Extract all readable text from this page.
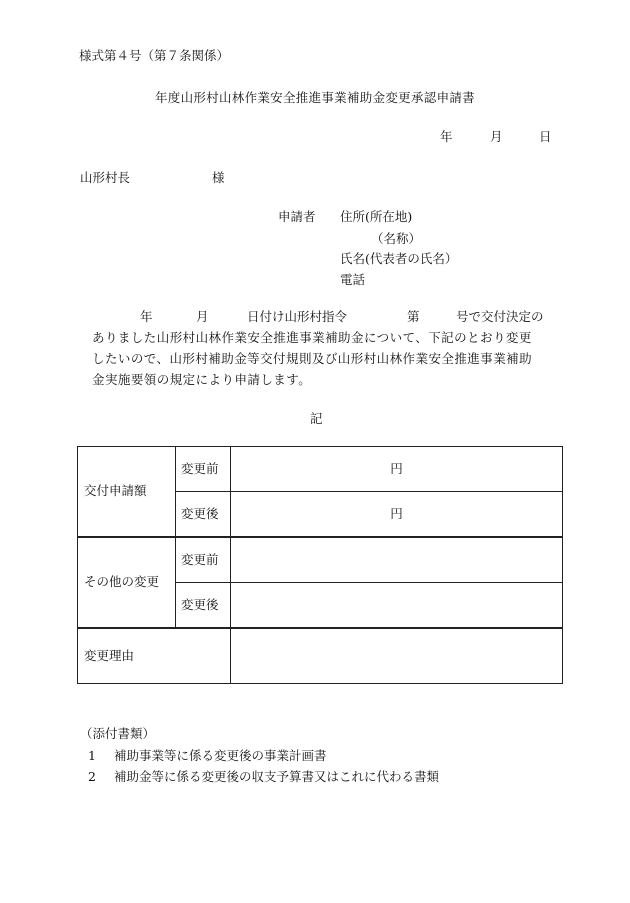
様式第４号（第７条関係）
年度山形村山林作業安全推進事業補助金変更承認申請書
年	月	日
山形村長	様
申請者 住所(所在地)
（名称）
氏名(代表者の氏名）
電話
年	月	日付け山形村指令	第	号で交付決定の
ありました山形村山林作業安全推進事業補助金について、下記のとおり変更
したいので、山形村補助金等交付規則及び山形村山林作業安全推進事業補助
金実施要領の規定により申請します。
記
交付申請額	変更前	円
	変更後	円
その他の変更	変更前	
	変更後	
変更理由		
（添付書類）
1 補助事業等に係る変更後の事業計画書
2 補助金等に係る変更後の収支予算書又はこれに代わる書類
